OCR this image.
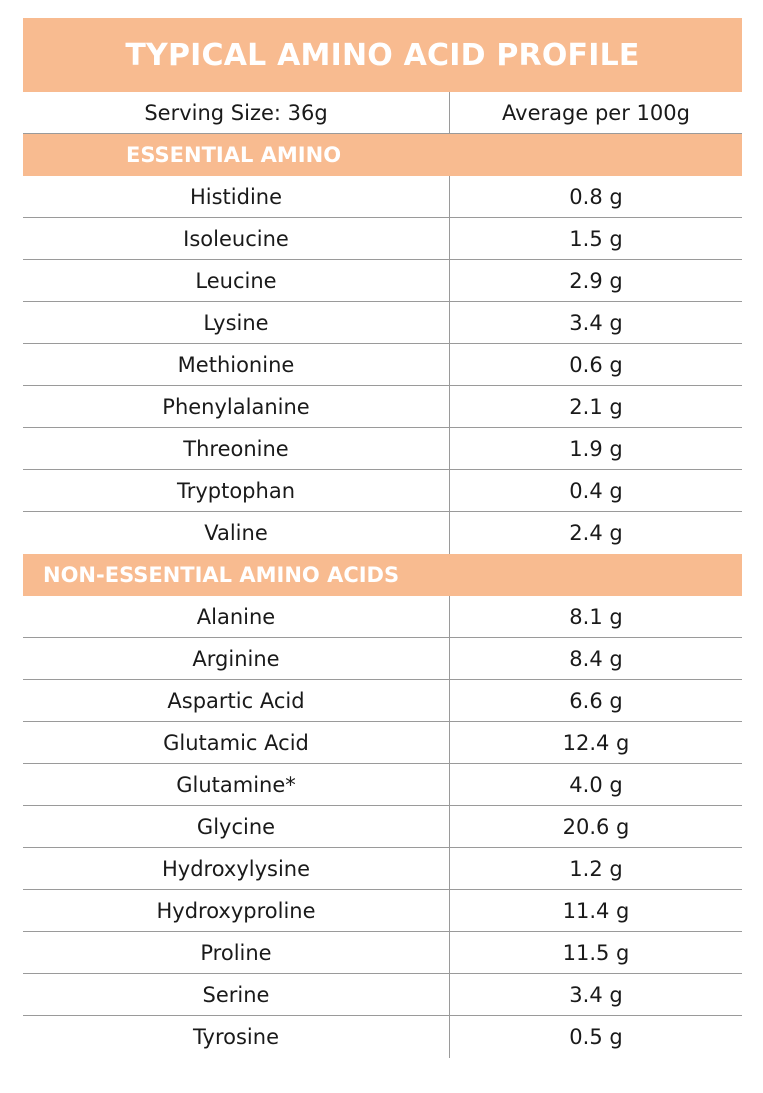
TYPICAL AMINO ACID PROFILE
Serving Size: 36g	Average per 100g
ESSENTIAL AMINO
Histidine	0.8 g
Isoleucine	1.5 g
Leucine	2.9 g
Lysine	3.4 g
Methionine	0.6 g
Phenylalanine	2.1 g
Threonine	1.9 g
Tryptophan	0.4 g
Valine	2.4 g
NON-ESSENTIAL AMINO ACIDS
Alanine	8.1 g
Arginine	8.4 g
Aspartic Acid	6.6 g
Glutamic Acid	12.4 g
Glutamine*	4.0 g
Glycine	20.6 g
Hydroxylysine	1.2 g
Hydroxyproline	11.4 g
Proline	11.5 g
Serine	3.4 g
Tyrosine	0.5 g
